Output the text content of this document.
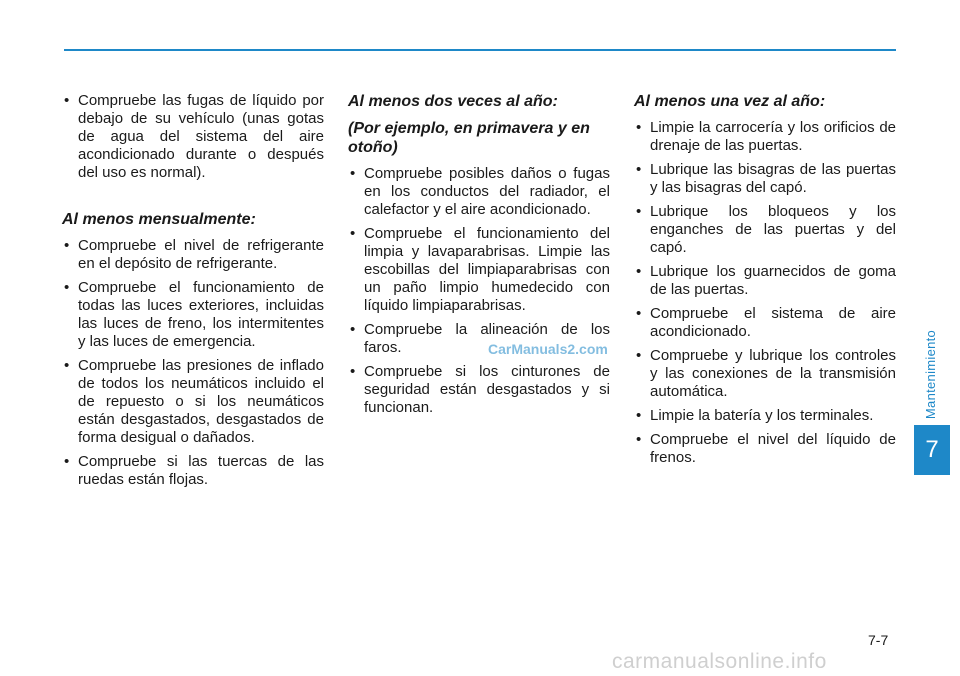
• Compruebe las fugas de líquido por debajo de su vehículo (unas gotas de agua del sistema del aire acondicionado durante o después del uso es normal).
Al menos mensualmente:
• Compruebe el nivel de refrigerante en el depósito de refrigerante.
• Compruebe el funcionamiento de todas las luces exteriores, incluidas las luces de freno, los intermitentes y las luces de emergencia.
• Compruebe las presiones de inflado de todos los neumáticos incluido el de repuesto o si los neumáticos están desgastados, desgastados de forma desigual o dañados.
• Compruebe si las tuercas de las ruedas están flojas.
Al menos dos veces al año:
(Por ejemplo, en primavera y en otoño)
• Compruebe posibles daños o fugas en los conductos del radiador, el calefactor y el aire acondicionado.
• Compruebe el funcionamiento del limpia y lavaparabrisas. Limpie las escobillas del limpiaparabrisas con un paño limpio humedecido con líquido limpiaparabrisas.
• Compruebe la alineación de los faros.
• Compruebe si los cinturones de seguridad están desgastados y si funcionan.
Al menos una vez al año:
• Limpie la carrocería y los orificios de drenaje de las puertas.
• Lubrique las bisagras de las puertas y las bisagras del capó.
• Lubrique los bloqueos y los enganches de las puertas y del capó.
• Lubrique los guarnecidos de goma de las puertas.
• Compruebe el sistema de aire acondicionado.
• Compruebe y lubrique los controles y las conexiones de la transmisión automática.
• Limpie la batería y los terminales.
• Compruebe el nivel del líquido de frenos.
Mantenimiento
7
CarManuals2.com
7-7
carmanualsonline.info
